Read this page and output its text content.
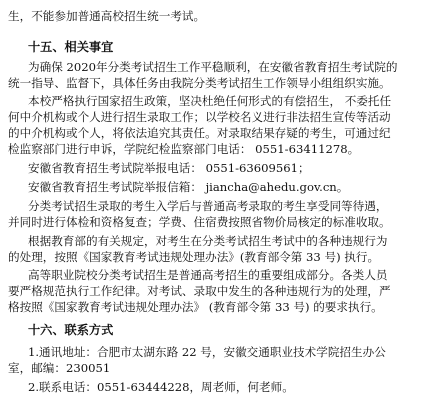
生，不能参加普通高校招生统一考试。
十五、相关事宜
为确保 2020年分类考试招生工作平稳顺利，在安徽省教育招生考试院的
统一指导、监督下，具体任务由我院分类考试招生工作领导小组组织实施。
本校严格执行国家招生政策，坚决杜绝任何形式的有偿招生， 不委托任
何中介机构或个人进行招生录取工作；以学校名义进行非法招生宣传等活动
的中介机构或个人，将依法追究其责任。对录取结果存疑的考生，可通过纪
检监察部门进行申诉，学院纪检监察部门电话： 0551-63411278。
安徽省教育招生考试院举报电话： 0551-63609561；
安徽省教育招生考试院举报信箱： jiancha@ahedu.gov.cn。
分类考试招生录取的考生入学后与普通高考录取的考生享受同等待遇，
并同时进行体检和资格复查；学费、住宿费按照省物价局核定的标准收取。
根据教育部的有关规定，对考生在分类考试招生考试中的各种违规行为
的处理，按照《国家教育考试违规处理办法》(教育部令第 33 号) 执行。
高等职业院校分类考试招生是普通高考招生的重要组成部分。各类人员
要严格规范执行工作纪律。对考试、录取中发生的各种违规行为的处理，严
格按照《国家教育考试违规处理办法》 (教育部令第 33 号) 的要求执行。
十六、联系方式
1.通讯地址：合肥市太湖东路 22 号，安徽交通职业技术学院招生办公
室，邮编：230051
2.联系电话：0551-63444228，周老师，何老师。
